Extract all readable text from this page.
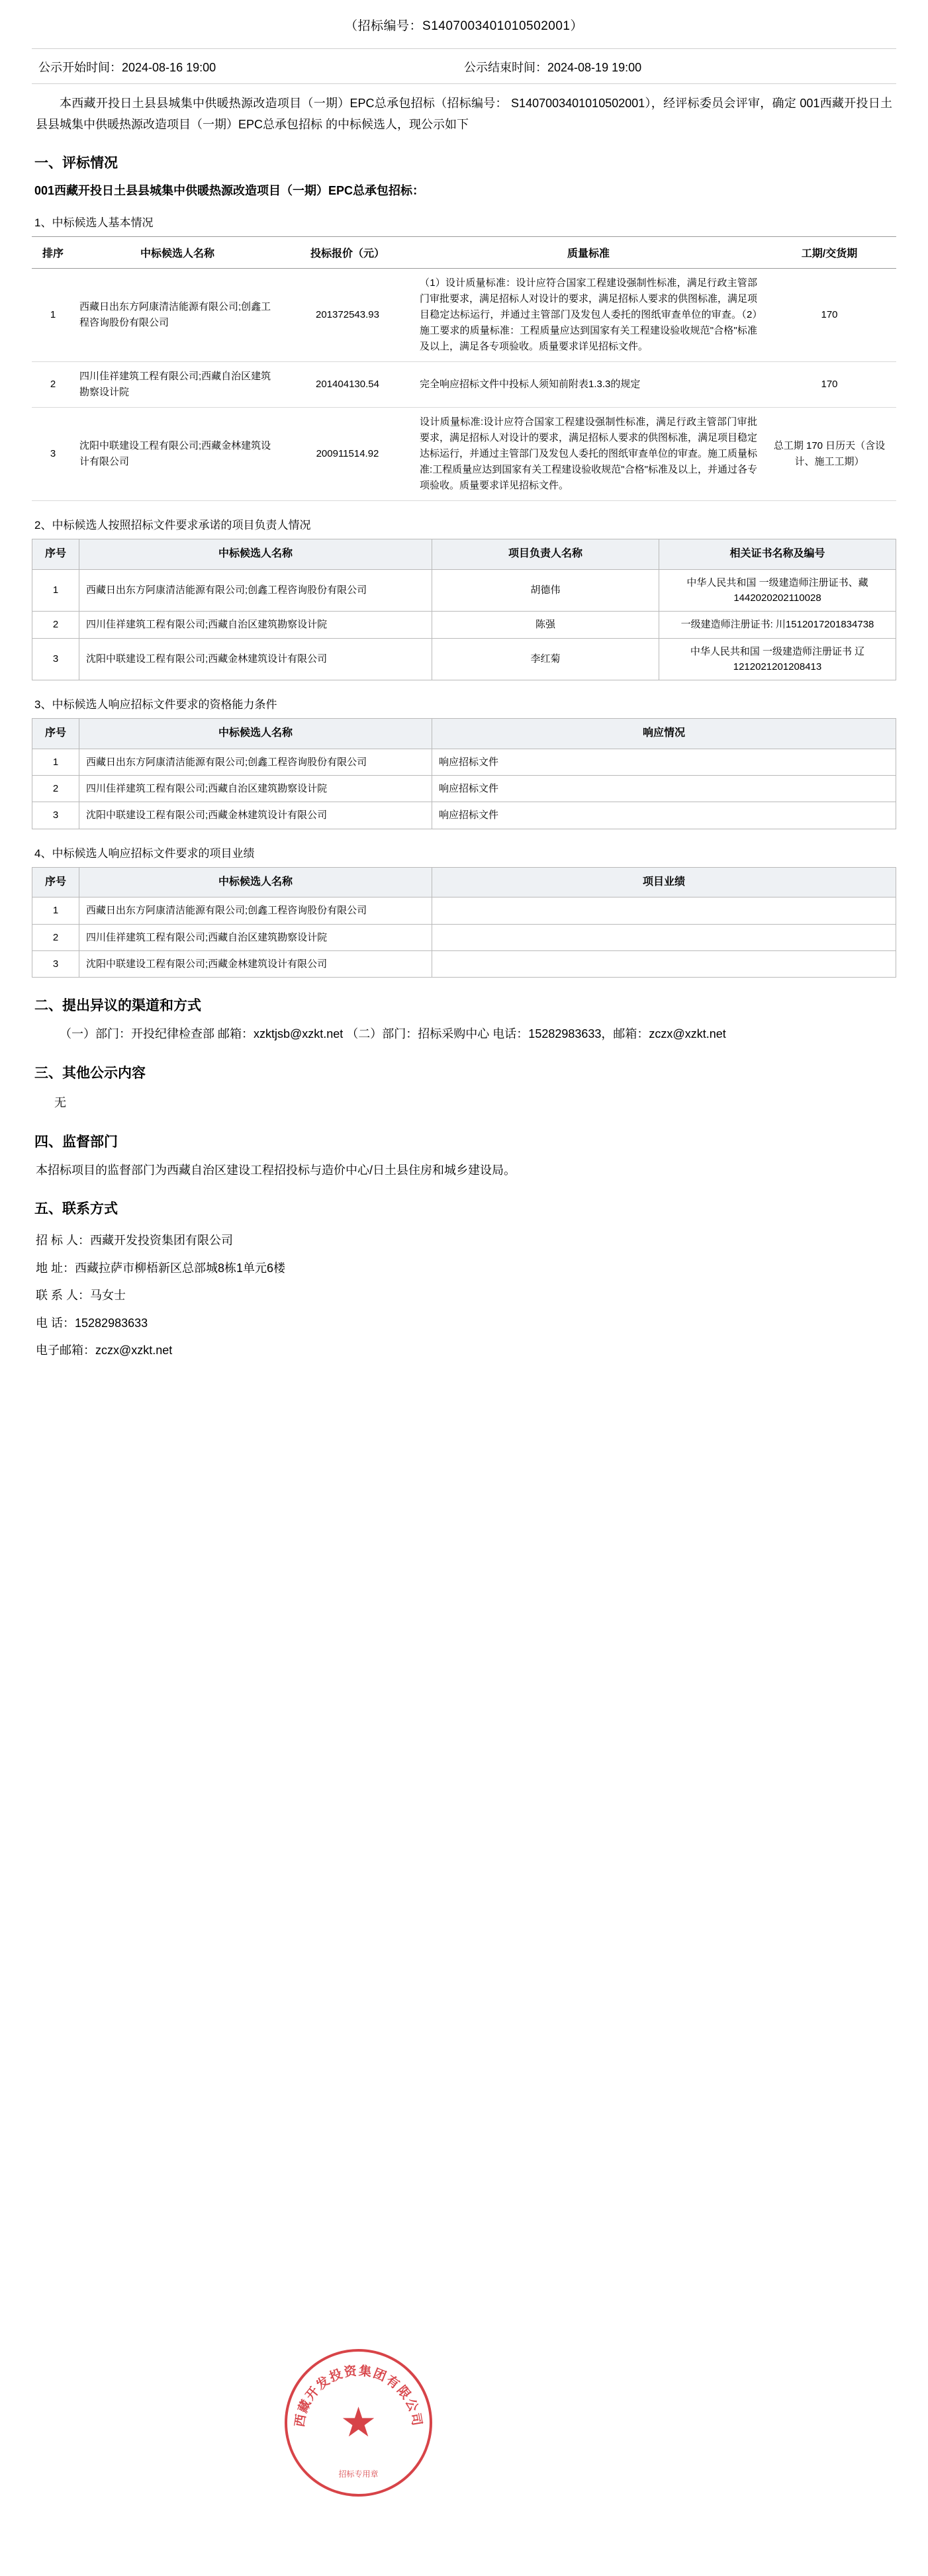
（招标编号：S1407003401010502001）
公示开始时间：2024-08-16 19:00	公示结束时间：2024-08-19 19:00
本西藏开投日土县县城集中供暖热源改造项目（一期）EPC总承包招标（招标编号： S1407003401010502001），经评标委员会评审，确定 001西藏开投日土县县城集中供暖热源改造项目（一期）EPC总承包招标 的中标候选人，现公示如下
一、评标情况
001西藏开投日土县县城集中供暖热源改造项目（一期）EPC总承包招标：
1、中标候选人基本情况
排序	中标候选人名称	投标报价（元）	质量标准	工期/交货期
1	西藏日出东方阿康清洁能源有限公司;创鑫工程咨询股份有限公司	201372543.93	（1）设计质量标准：设计应符合国家工程建设强制性标准，满足行政主管部门审批要求，满足招标人对设计的要求，满足招标人要求的供图标准，满足项目稳定达标运行，并通过主管部门及发包人委托的图纸审查单位的审查。（2）施工要求的质量标准：工程质量应达到国家有关工程建设验收规范"合格"标准及以上，满足各专项验收。质量要求详见招标文件。	170
2	四川佳祥建筑工程有限公司;西藏自治区建筑勘察设计院	201404130.54	完全响应招标文件中投标人须知前附表1.3.3的规定	170
3	沈阳中联建设工程有限公司;西藏金林建筑设计有限公司	200911514.92	设计质量标准:设计应符合国家工程建设强制性标准，满足行政主管部门审批要求，满足招标人对设计的要求，满足招标人要求的供图标准，满足项目稳定达标运行，并通过主管部门及发包人委托的图纸审查单位的审查。施工质量标准:工程质量应达到国家有关工程建设验收规范"合格"标准及以上，并通过各专项验收。质量要求详见招标文件。	总工期 170 日历天（含设计、施工工期）
2、中标候选人按照招标文件要求承诺的项目负责人情况
序号	中标候选人名称	项目负责人名称	相关证书名称及编号
1	西藏日出东方阿康清洁能源有限公司;创鑫工程咨询股份有限公司	胡德伟	中华人民共和国 一级建造师注册证书、藏1442020202110028
2	四川佳祥建筑工程有限公司;西藏自治区建筑勘察设计院	陈强	一级建造师注册证书: 川1512017201834738
3	沈阳中联建设工程有限公司;西藏金林建筑设计有限公司	李红菊	中华人民共和国 一级建造师注册证书 辽1212021201208413
3、中标候选人响应招标文件要求的资格能力条件
序号	中标候选人名称	响应情况
1	西藏日出东方阿康清洁能源有限公司;创鑫工程咨询股份有限公司	响应招标文件
2	四川佳祥建筑工程有限公司;西藏自治区建筑勘察设计院	响应招标文件
3	沈阳中联建设工程有限公司;西藏金林建筑设计有限公司	响应招标文件
4、中标候选人响应招标文件要求的项目业绩
序号	中标候选人名称	项目业绩
1	西藏日出东方阿康清洁能源有限公司;创鑫工程咨询股份有限公司	
2	四川佳祥建筑工程有限公司;西藏自治区建筑勘察设计院	
3	沈阳中联建设工程有限公司;西藏金林建筑设计有限公司	
二、提出异议的渠道和方式
（一）部门：开投纪律检查部 邮箱：xzktjsb@xzkt.net （二）部门：招标采购中心 电话：15282983633，邮箱：zczx@xzkt.net
三、其他公示内容
无
四、监督部门
本招标项目的监督部门为西藏自治区建设工程招投标与造价中心/日土县住房和城乡建设局。
五、联系方式
招 标 人：西藏开发投资集团有限公司
地 址：西藏拉萨市柳梧新区总部城8栋1单元6楼
联 系 人：马女士
电 话：15282983633
电子邮箱：zczx@xzkt.net
西藏开发投资集团有限公司
★
招标专用章
